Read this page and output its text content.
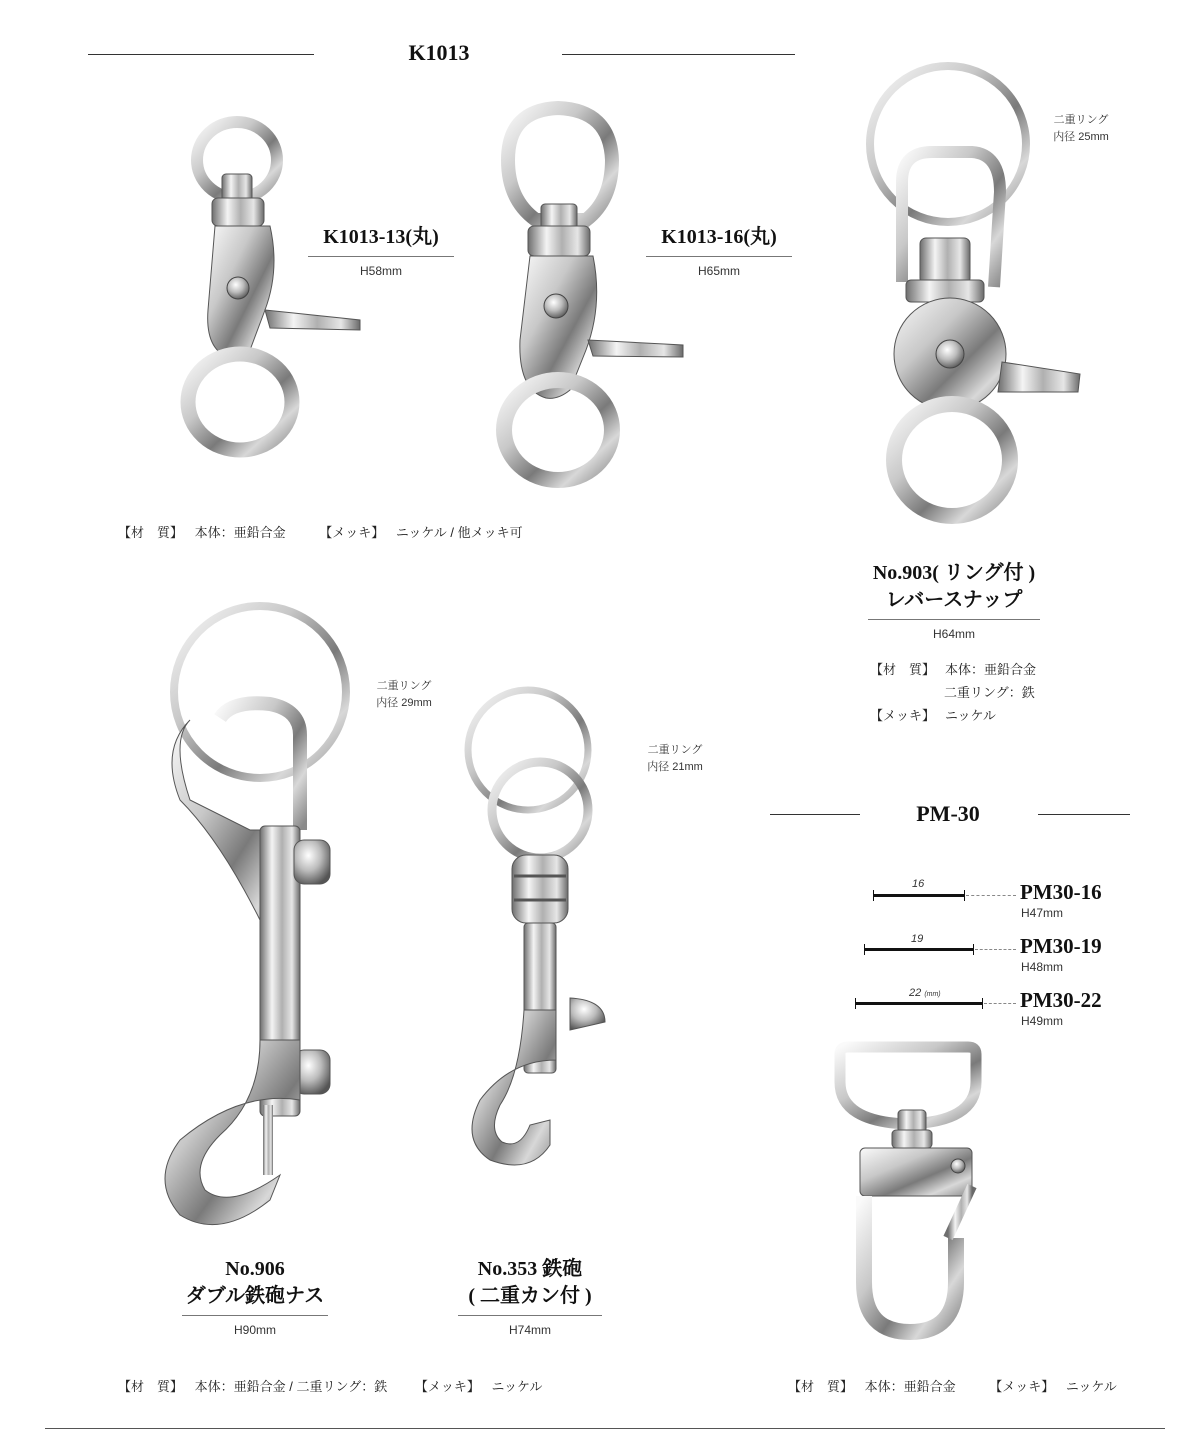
K1013
K1013-13(丸)
H58mm
K1013-16(丸)
H65mm
【材　質】 本体：亜鉛合金	【メッキ】 ニッケル / 他メッキ可
二重リング
内径 25mm
No.903( リング付 )
レバースナップ
H64mm
【材　質】 本体：亜鉛合金
二重リング：鉄
【メッキ】 ニッケル
二重リング
内径 29mm
No.906
ダブル鉄砲ナス
H90mm
二重リング
内径 21mm
No.353 鉄砲
( 二重カン付 )
H74mm
【材　質】 本体：亜鉛合金 / 二重リング：鉄 【メッキ】 ニッケル
PM-30
16	PM30-16
H47mm
19	PM30-19
H48mm
22 (mm)	PM30-22
H49mm
【材　質】 本体：亜鉛合金	【メッキ】 ニッケル
